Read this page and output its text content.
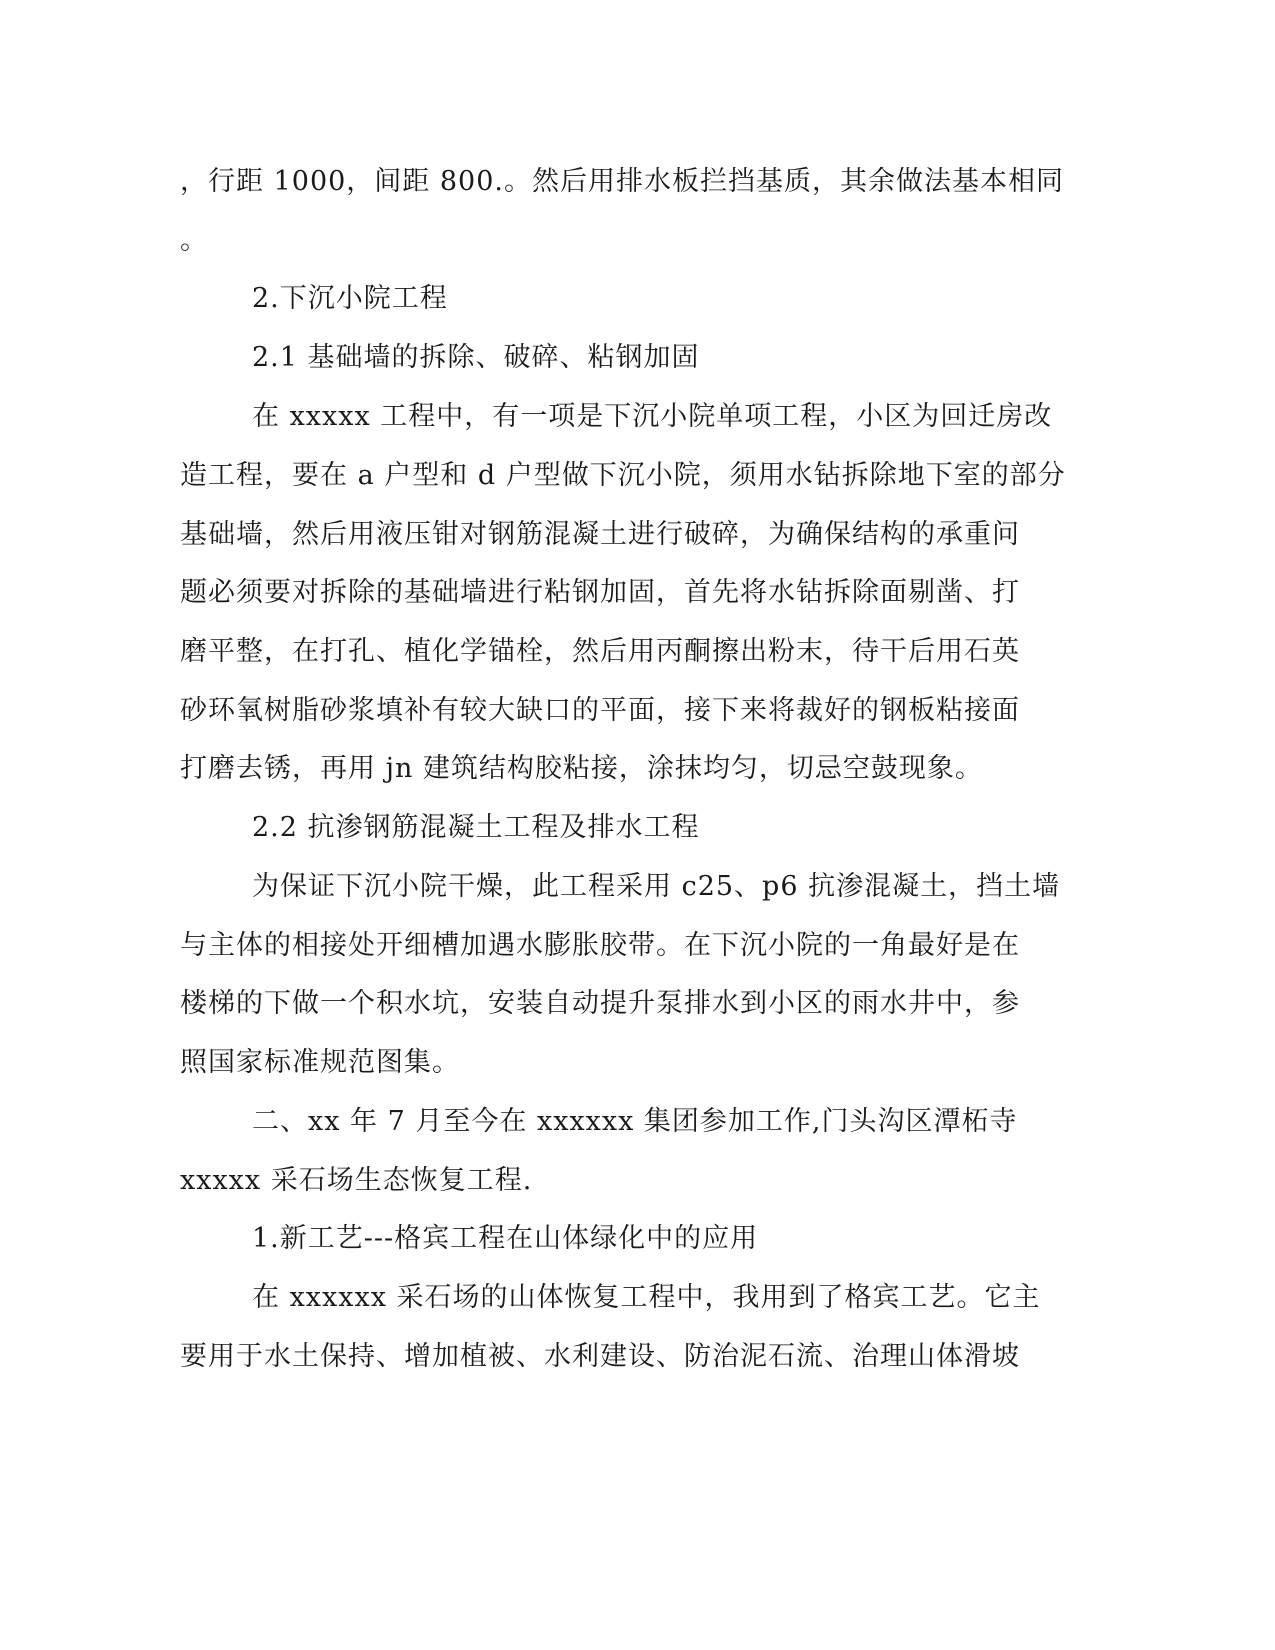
，行距 1000，间距 800.。然后用排水板拦挡基质，其余做法基本相同
。
2.下沉小院工程
2.1 基础墙的拆除、破碎、粘钢加固
在 xxxxx 工程中，有一项是下沉小院单项工程，小区为回迁房改
造工程，要在 a 户型和 d 户型做下沉小院，须用水钻拆除地下室的部分
基础墙，然后用液压钳对钢筋混凝土进行破碎，为确保结构的承重问
题必须要对拆除的基础墙进行粘钢加固，首先将水钻拆除面剔凿、打
磨平整，在打孔、植化学锚栓，然后用丙酮擦出粉末，待干后用石英
砂环氧树脂砂浆填补有较大缺口的平面，接下来将裁好的钢板粘接面
打磨去锈，再用 jn 建筑结构胶粘接，涂抹均匀，切忌空鼓现象。
2.2 抗渗钢筋混凝土工程及排水工程
为保证下沉小院干燥，此工程采用 c25、p6 抗渗混凝土，挡土墙
与主体的相接处开细槽加遇水膨胀胶带。在下沉小院的一角最好是在
楼梯的下做一个积水坑，安装自动提升泵排水到小区的雨水井中，参
照国家标准规范图集。
二、xx 年 7 月至今在 xxxxxx 集团参加工作,门头沟区潭柘寺
xxxxx 采石场生态恢复工程.
1.新工艺---格宾工程在山体绿化中的应用
在 xxxxxx 采石场的山体恢复工程中，我用到了格宾工艺。它主
要用于水土保持、增加植被、水利建设、防治泥石流、治理山体滑坡
